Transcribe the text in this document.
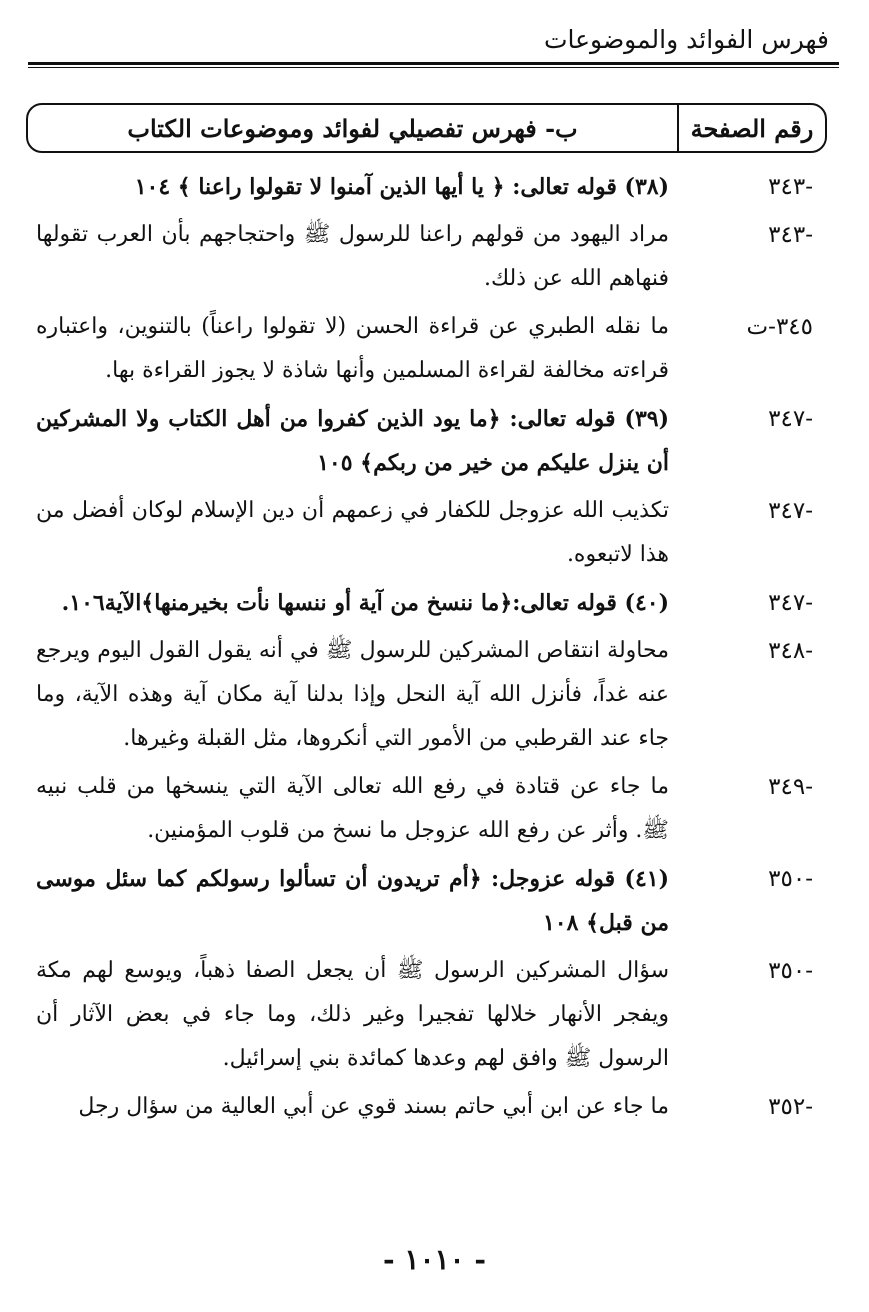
فهرس الفوائد والموضوعات
رقم الصفحة
ب- فهرس تفصيلي لفوائد وموضوعات الكتاب
-٣٤٣
(٣٨) قوله تعالى: ﴿ يا أيها الذين آمنوا لا تقولوا راعنا ﴾ ١٠٤
-٣٤٣
مراد اليهود من قولهم راعنا للرسول ﷺ واحتجاجهم بأن العرب تقولها فنهاهم الله عن ذلك.
٣٤٥-ت
ما نقله الطبري عن قراءة الحسن (لا تقولوا راعناً) بالتنوين، واعتباره قراءته مخالفة لقراءة المسلمين وأنها شاذة لا يجوز القراءة بها.
-٣٤٧
(٣٩) قوله تعالى: ﴿ما يود الذين كفروا من أهل الكتاب ولا المشركين أن ينزل عليكم من خير من ربكم﴾ ١٠٥
-٣٤٧
تكذيب الله عزوجل للكفار في زعمهم أن دين الإسلام لوكان أفضل من هذا لاتبعوه.
-٣٤٧
(٤٠) قوله تعالى:﴿ما ننسخ من آية أو ننسها نأت بخيرمنها﴾الآية١٠٦.
-٣٤٨
محاولة انتقاص المشركين للرسول ﷺ في أنه يقول القول اليوم ويرجع عنه غداً، فأنزل الله آية النحل وإذا بدلنا آية مكان آية وهذه الآية، وما جاء عند القرطبي من الأمور التي أنكروها، مثل القبلة وغيرها.
-٣٤٩
ما جاء عن قتادة في رفع الله تعالى الآية التي ينسخها من قلب نبيه ﷺ. وأثر عن رفع الله عزوجل ما نسخ من قلوب المؤمنين.
-٣٥٠
(٤١) قوله عزوجل: ﴿أم تريدون أن تسألوا رسولكم كما سئل موسى من قبل﴾ ١٠٨
-٣٥٠
سؤال المشركين الرسول ﷺ أن يجعل الصفا ذهباً، ويوسع لهم مكة ويفجر الأنهار خلالها تفجيرا وغير ذلك، وما جاء في بعض الآثار أن الرسول ﷺ وافق لهم وعدها كمائدة بني إسرائيل.
-٣٥٢
ما جاء عن ابن أبي حاتم بسند قوي عن أبي العالية من سؤال رجل
- ١٠١٠ -
